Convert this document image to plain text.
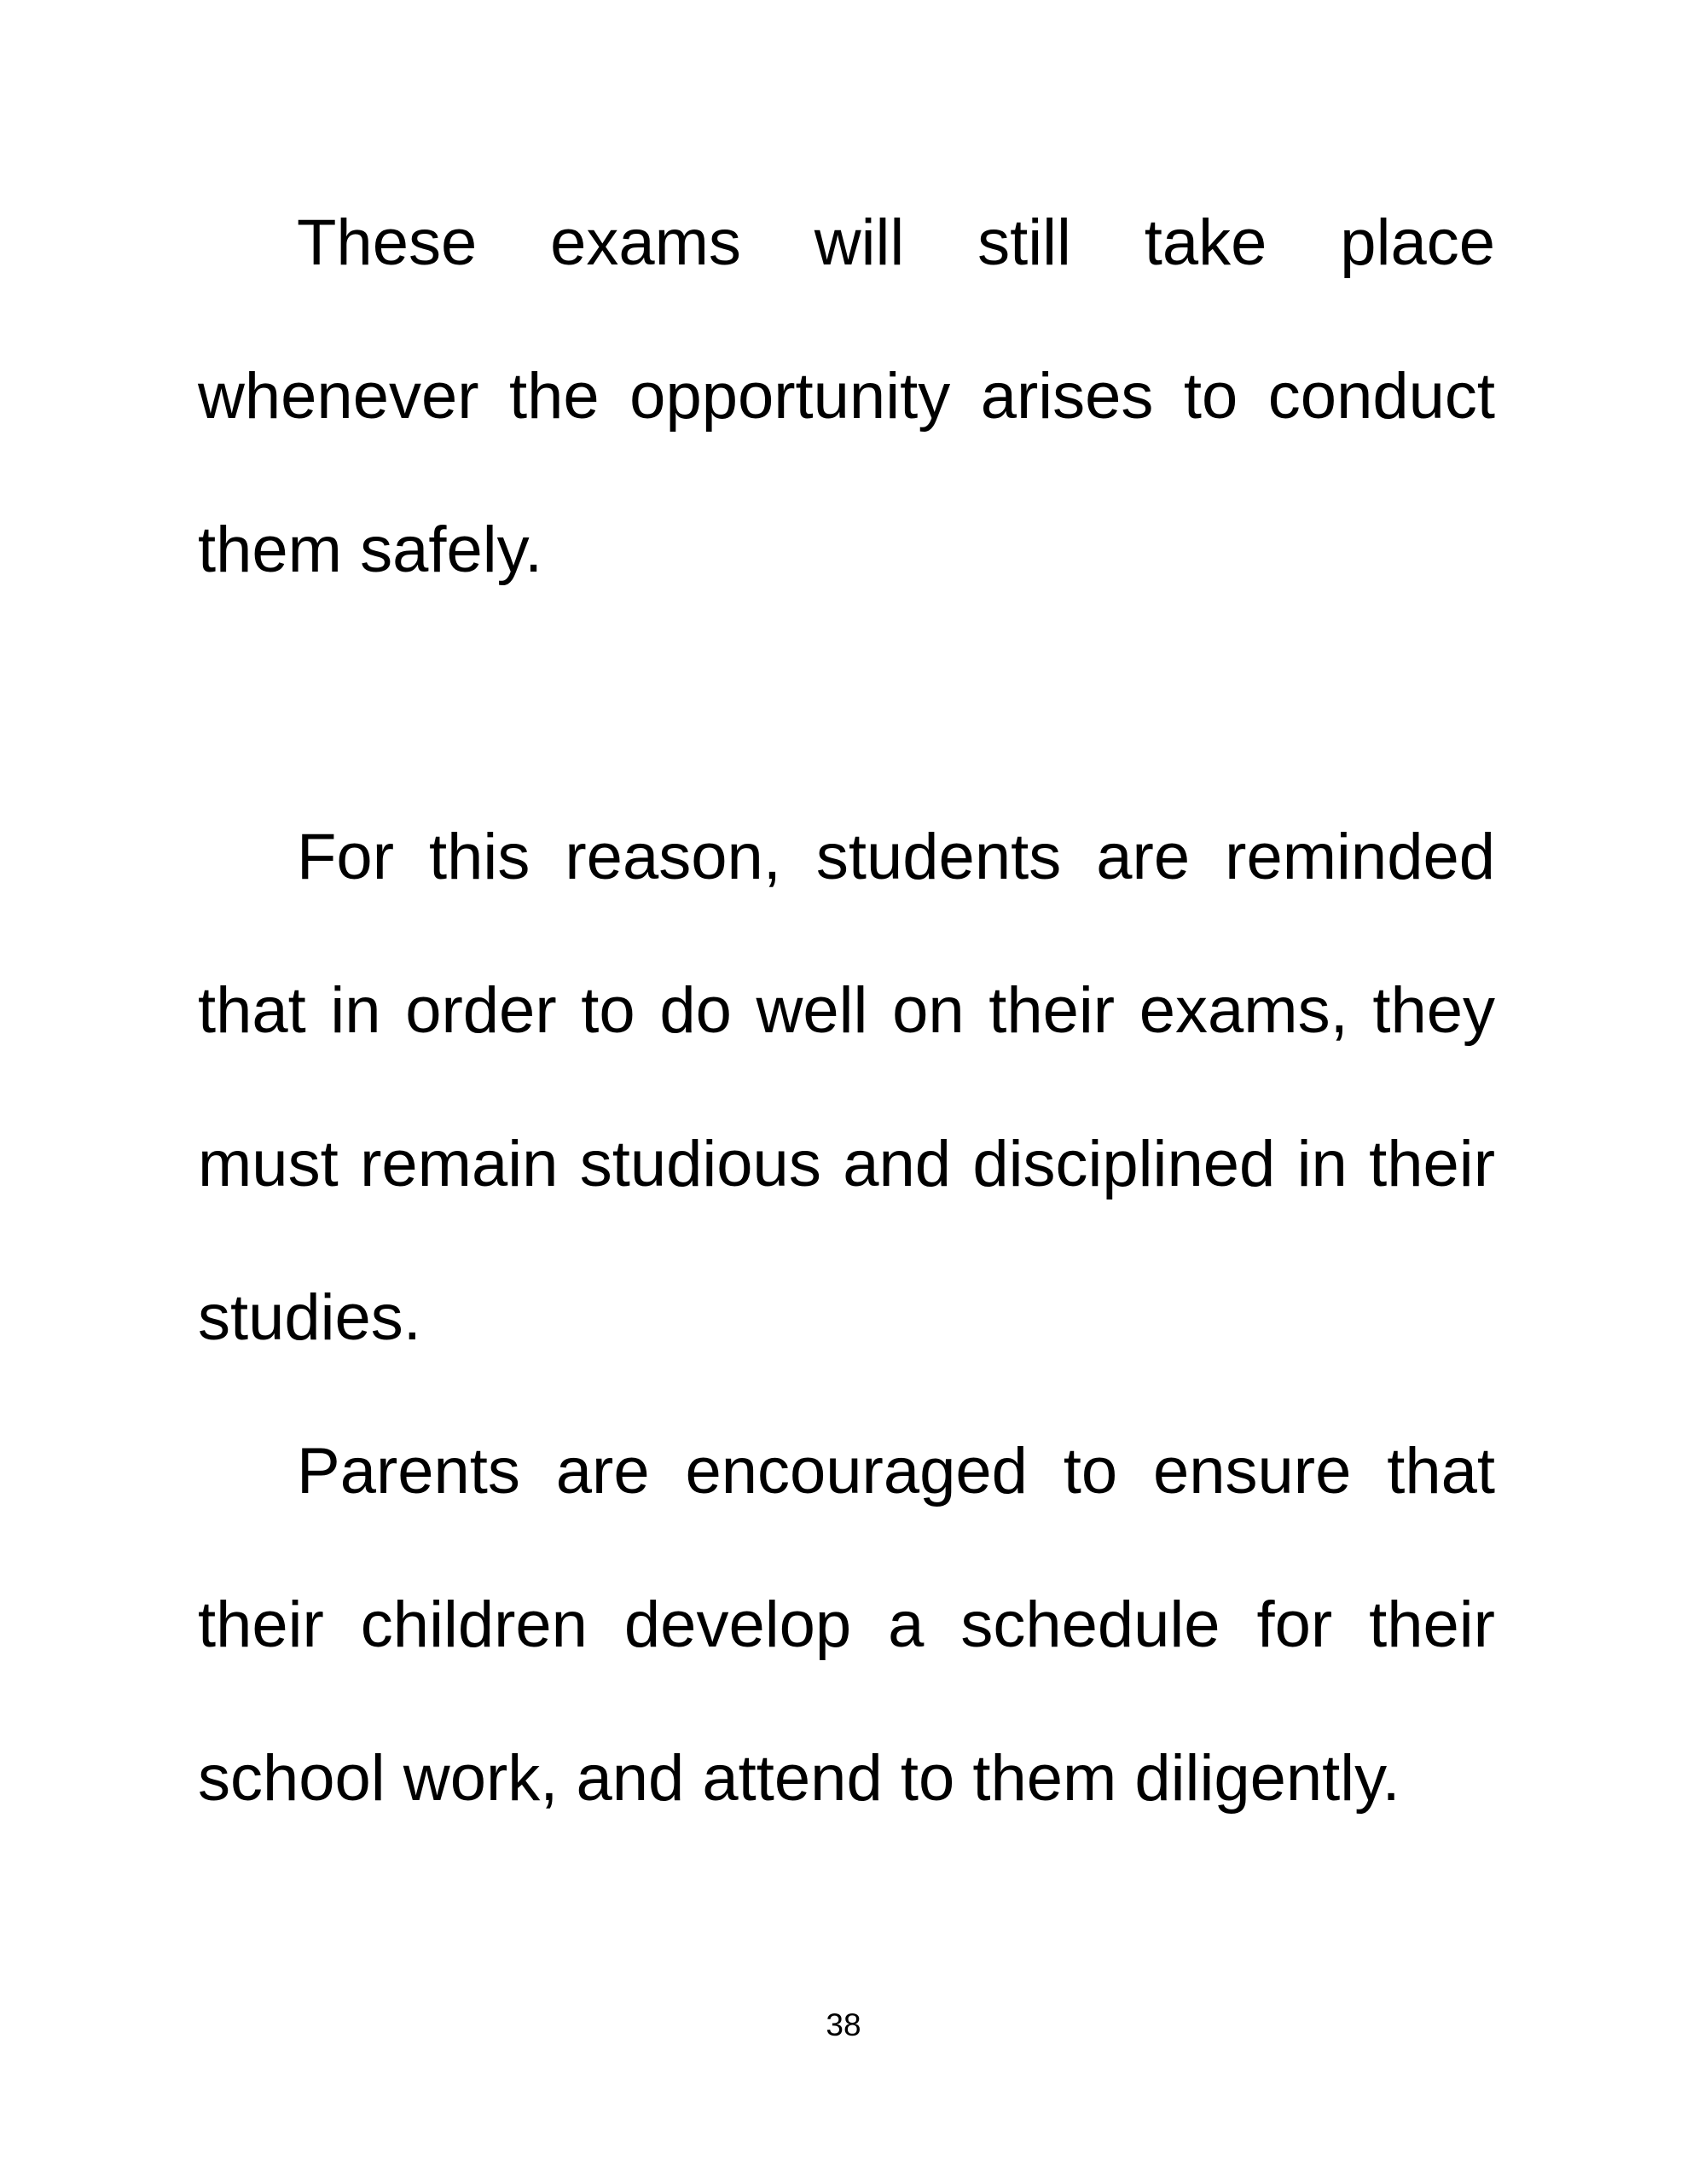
These exams will still take place
whenever the opportunity arises to conduct
them safely.
For this reason, students are reminded
that in order to do well on their exams, they
must remain studious and disciplined in their
studies.
Parents are encouraged to ensure that
their children develop a schedule for their
school work, and attend to them diligently.
38
